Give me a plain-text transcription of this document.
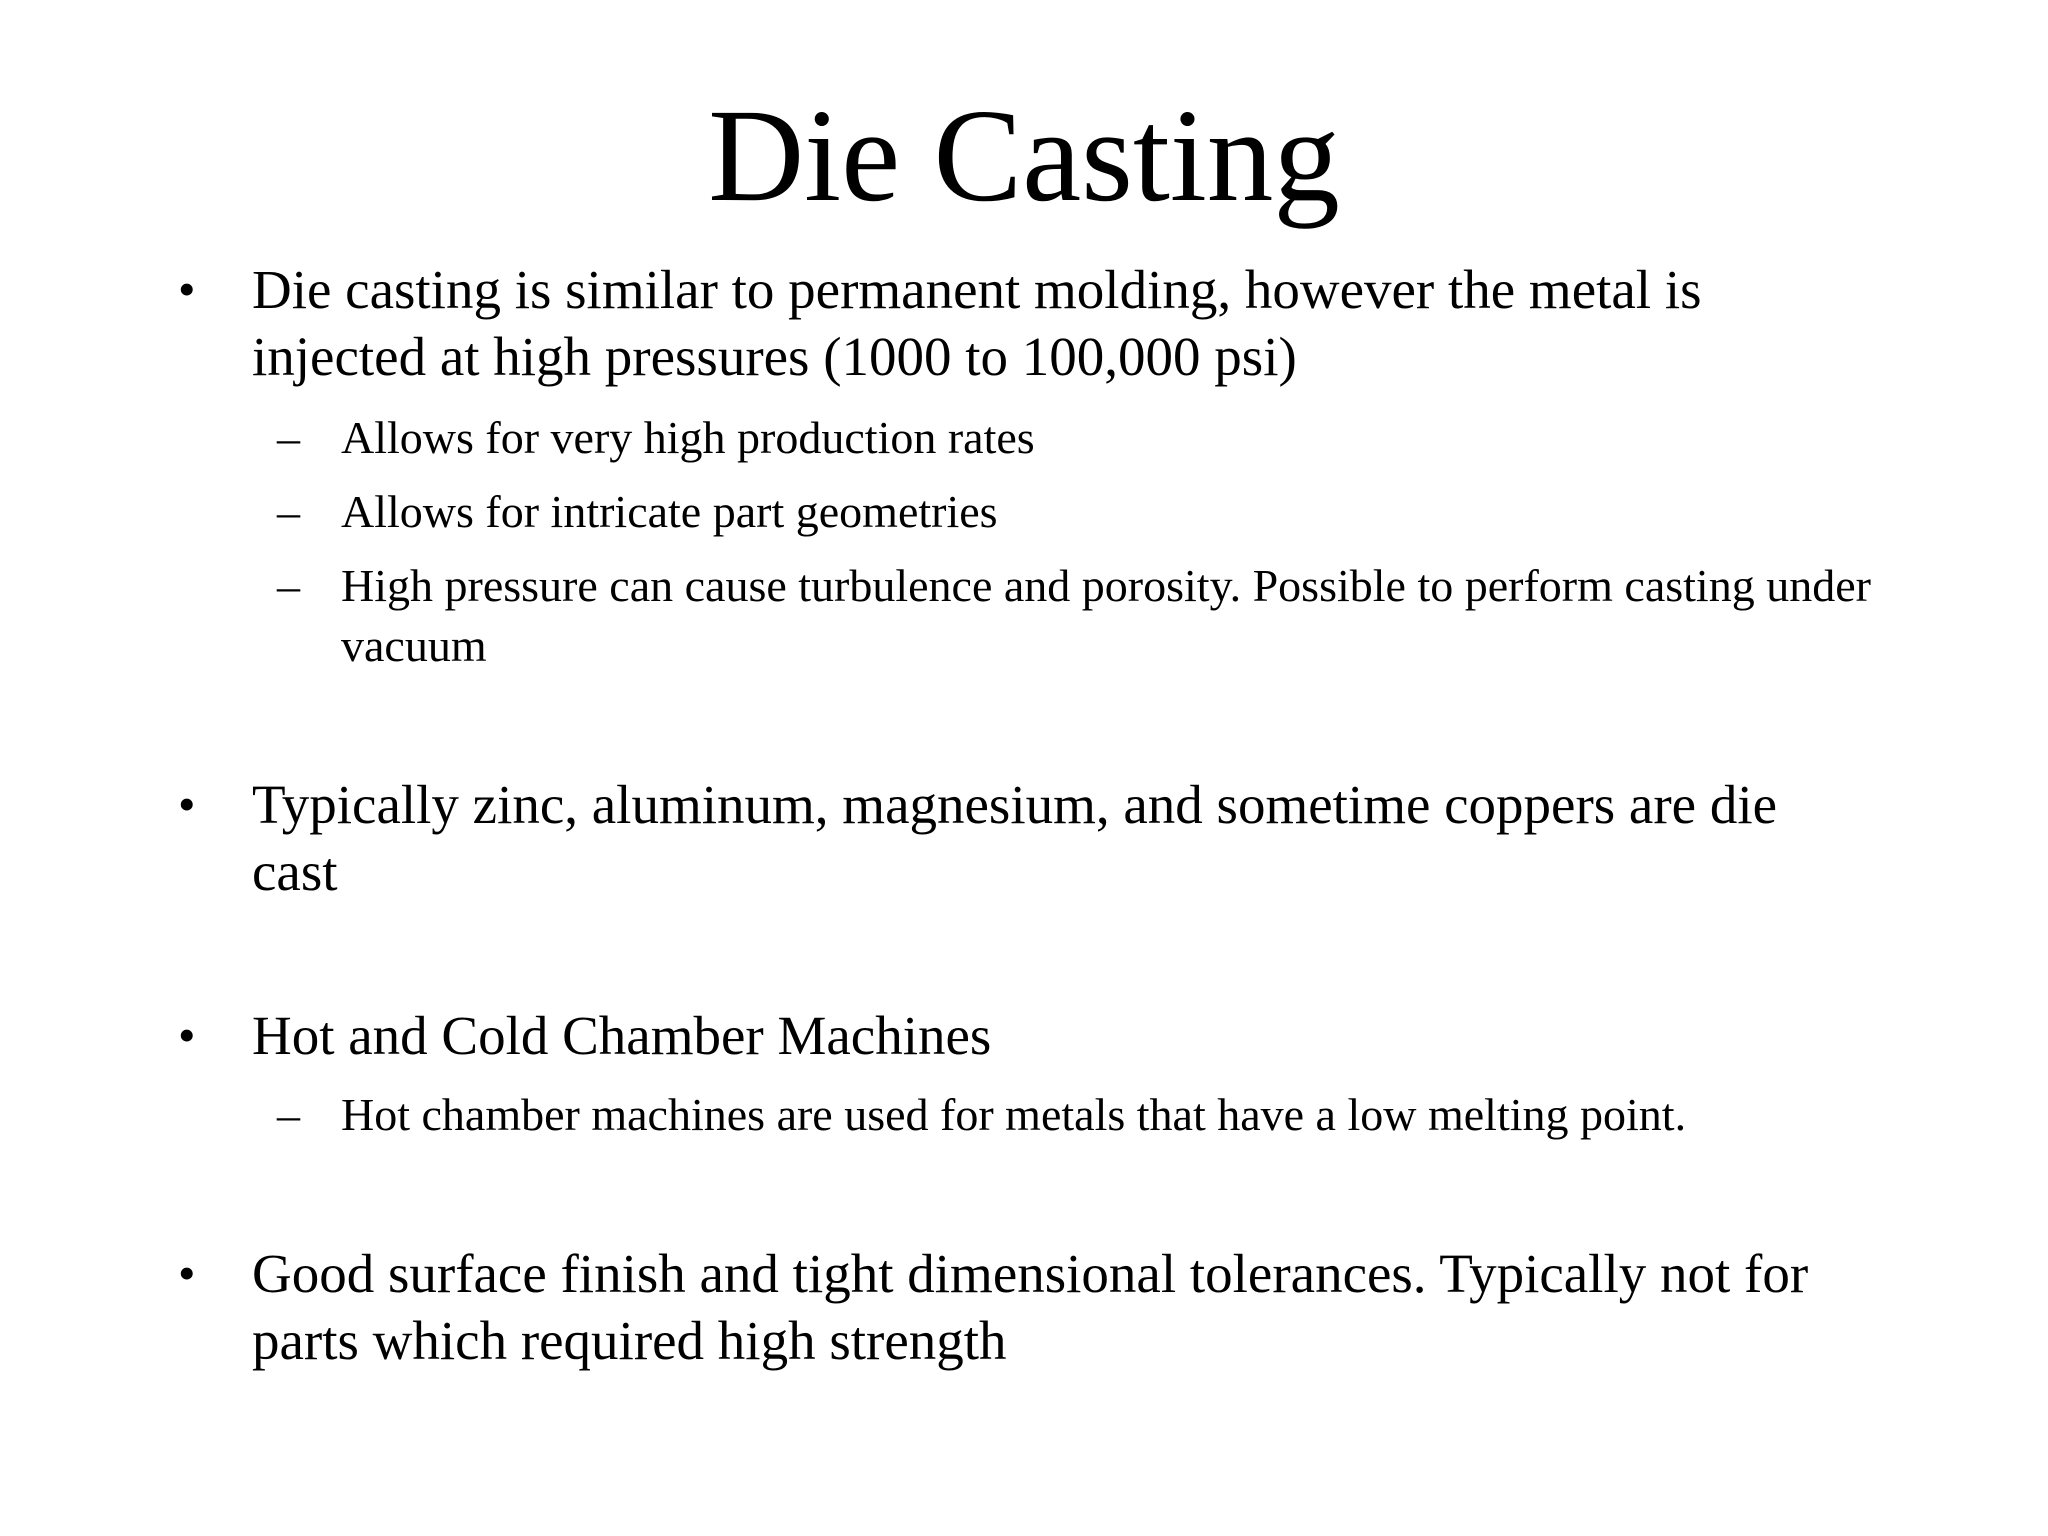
Die Casting
• Die casting is similar to permanent molding, however the metal is injected at high pressures (1000 to 100,000 psi)
– Allows for very high production rates
– Allows for intricate part geometries
– High pressure can cause turbulence and porosity. Possible to perform casting under vacuum
• Typically zinc, aluminum, magnesium, and sometime coppers are die cast
• Hot and Cold Chamber Machines
– Hot chamber machines are used for metals that have a low melting point.
• Good surface finish and tight dimensional tolerances. Typically not for parts which required high strength
